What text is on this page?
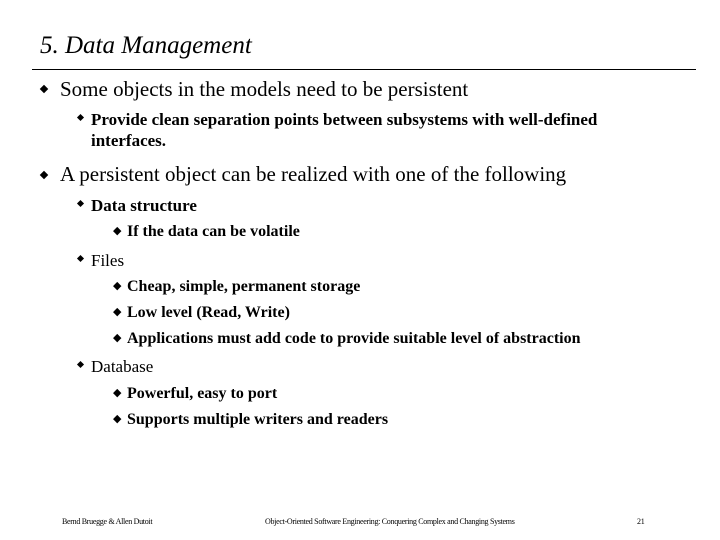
5. Data Management
Some objects in the models need to be persistent
Provide clean separation points between subsystems with well-defined interfaces.
A persistent object can be realized with one of the following
Data structure
◆ If the data can be volatile
Files
◆ Cheap, simple, permanent storage
◆ Low level (Read, Write)
◆ Applications must add code to provide suitable level of abstraction
Database
◆ Powerful, easy to port
◆ Supports multiple writers and readers
Bernd Bruegge & Allen Dutoit	Object-Oriented Software Engineering: Conquering Complex and Changing Systems	21
